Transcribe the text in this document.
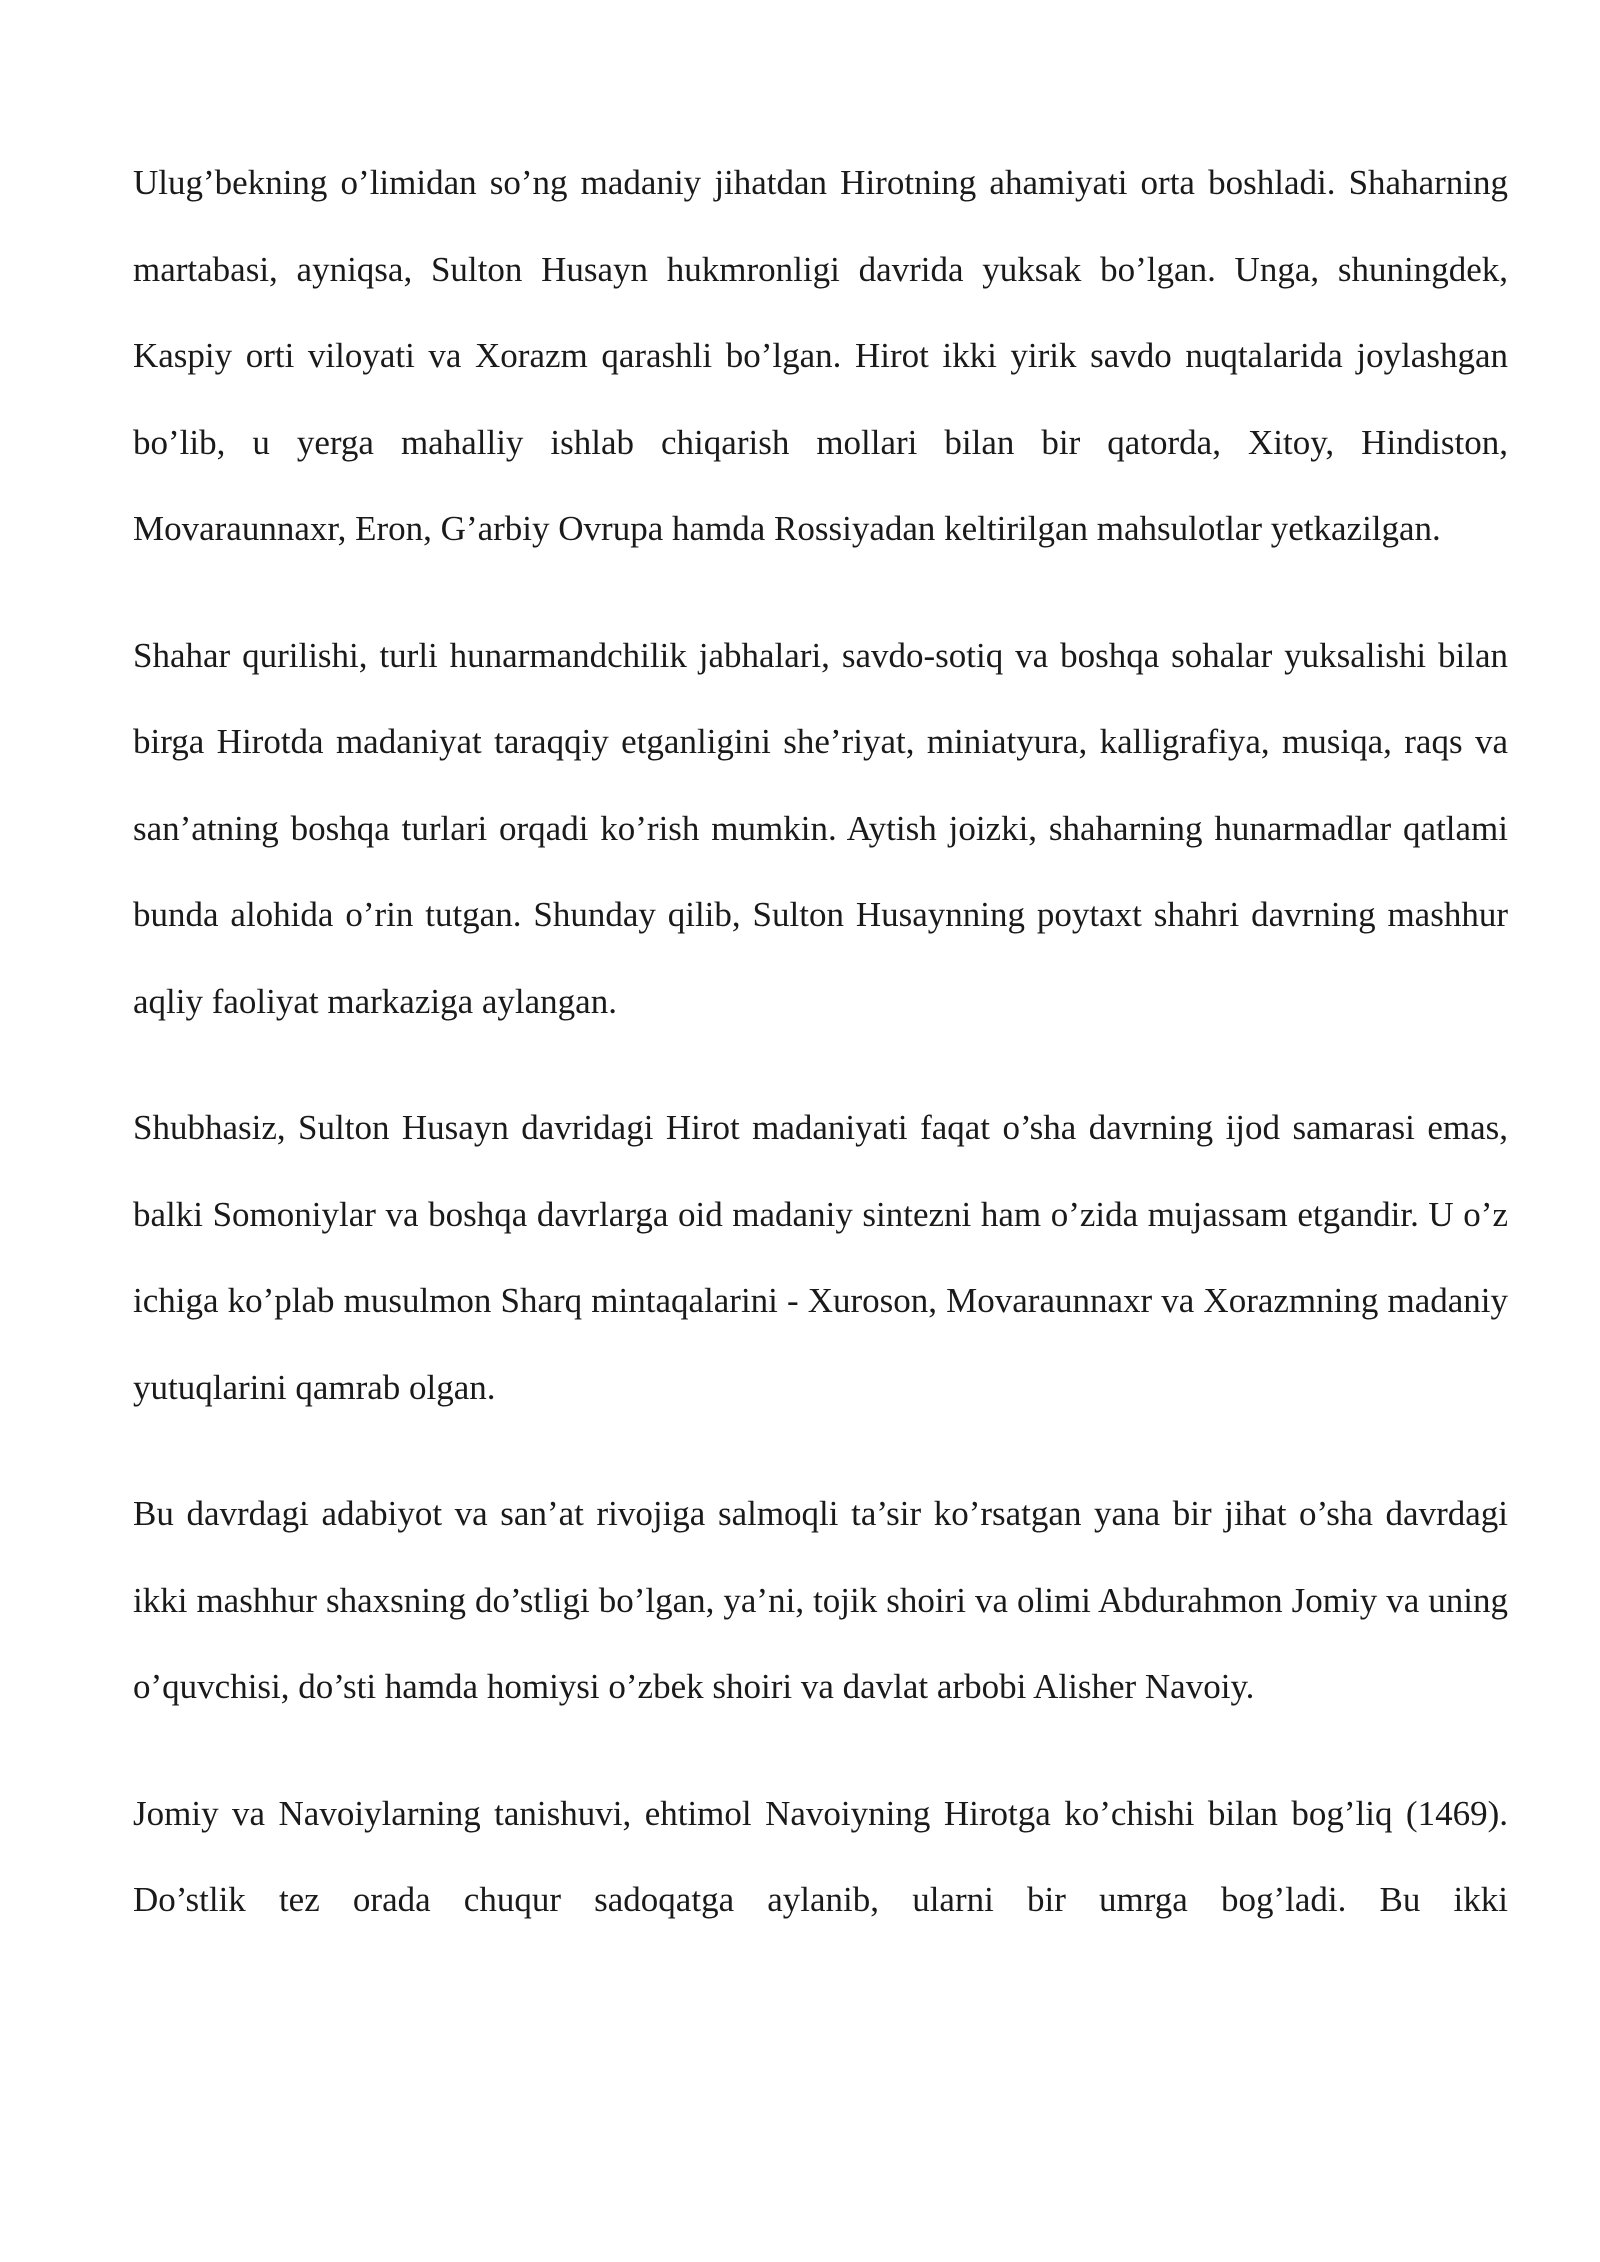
Ulug’bekning o’limidan so’ng madaniy jihatdan Hirotning ahamiyati orta boshladi. Shaharning martabasi, ayniqsa, Sulton Husayn hukmronligi davrida yuksak bo’lgan. Unga, shuningdek, Kaspiy orti viloyati va Xorazm qarashli bo’lgan. Hirot ikki yirik savdo nuqtalarida joylashgan bo’lib, u yerga mahalliy ishlab chiqarish mollari bilan bir qatorda, Xitoy, Hindiston, Movaraunnaxr, Eron, G’arbiy Ovrupa hamda Rossiyadan keltirilgan mahsulotlar yetkazilgan.

Shahar qurilishi, turli hunarmandchilik jabhalari, savdo-sotiq va boshqa sohalar yuksalishi bilan birga Hirotda madaniyat taraqqiy etganligini she’riyat, miniatyura, kalligrafiya, musiqa, raqs va san’atning boshqa turlari orqadi ko’rish mumkin. Aytish joizki, shaharning hunarmadlar qatlami bunda alohida o’rin tutgan. Shunday qilib, Sulton Husaynning poytaxt shahri davrning mashhur aqliy faoliyat markaziga aylangan.

Shubhasiz, Sulton Husayn davridagi Hirot madaniyati faqat o’sha davrning ijod samarasi emas, balki Somoniylar va boshqa davrlarga oid madaniy sintezni ham o’zida mujassam etgandir. U o’z ichiga ko’plab musulmon Sharq mintaqalarini - Xuroson, Movaraunnaxr va Xorazmning madaniy yutuqlarini qamrab olgan.

Bu davrdagi adabiyot va san’at rivojiga salmoqli ta’sir ko’rsatgan yana bir jihat o’sha davrdagi ikki mashhur shaxsning do’stligi bo’lgan, ya’ni, tojik shoiri va olimi Abdurahmon Jomiy va uning o’quvchisi, do’sti hamda homiysi o’zbek shoiri va davlat arbobi Alisher Navoiy.

Jomiy va Navoiylarning tanishuvi, ehtimol Navoiyning Hirotga ko’chishi bilan bog’liq (1469). Do’stlik tez orada chuqur sadoqatga aylanib, ularni bir umrga bog’ladi. Bu ikki
